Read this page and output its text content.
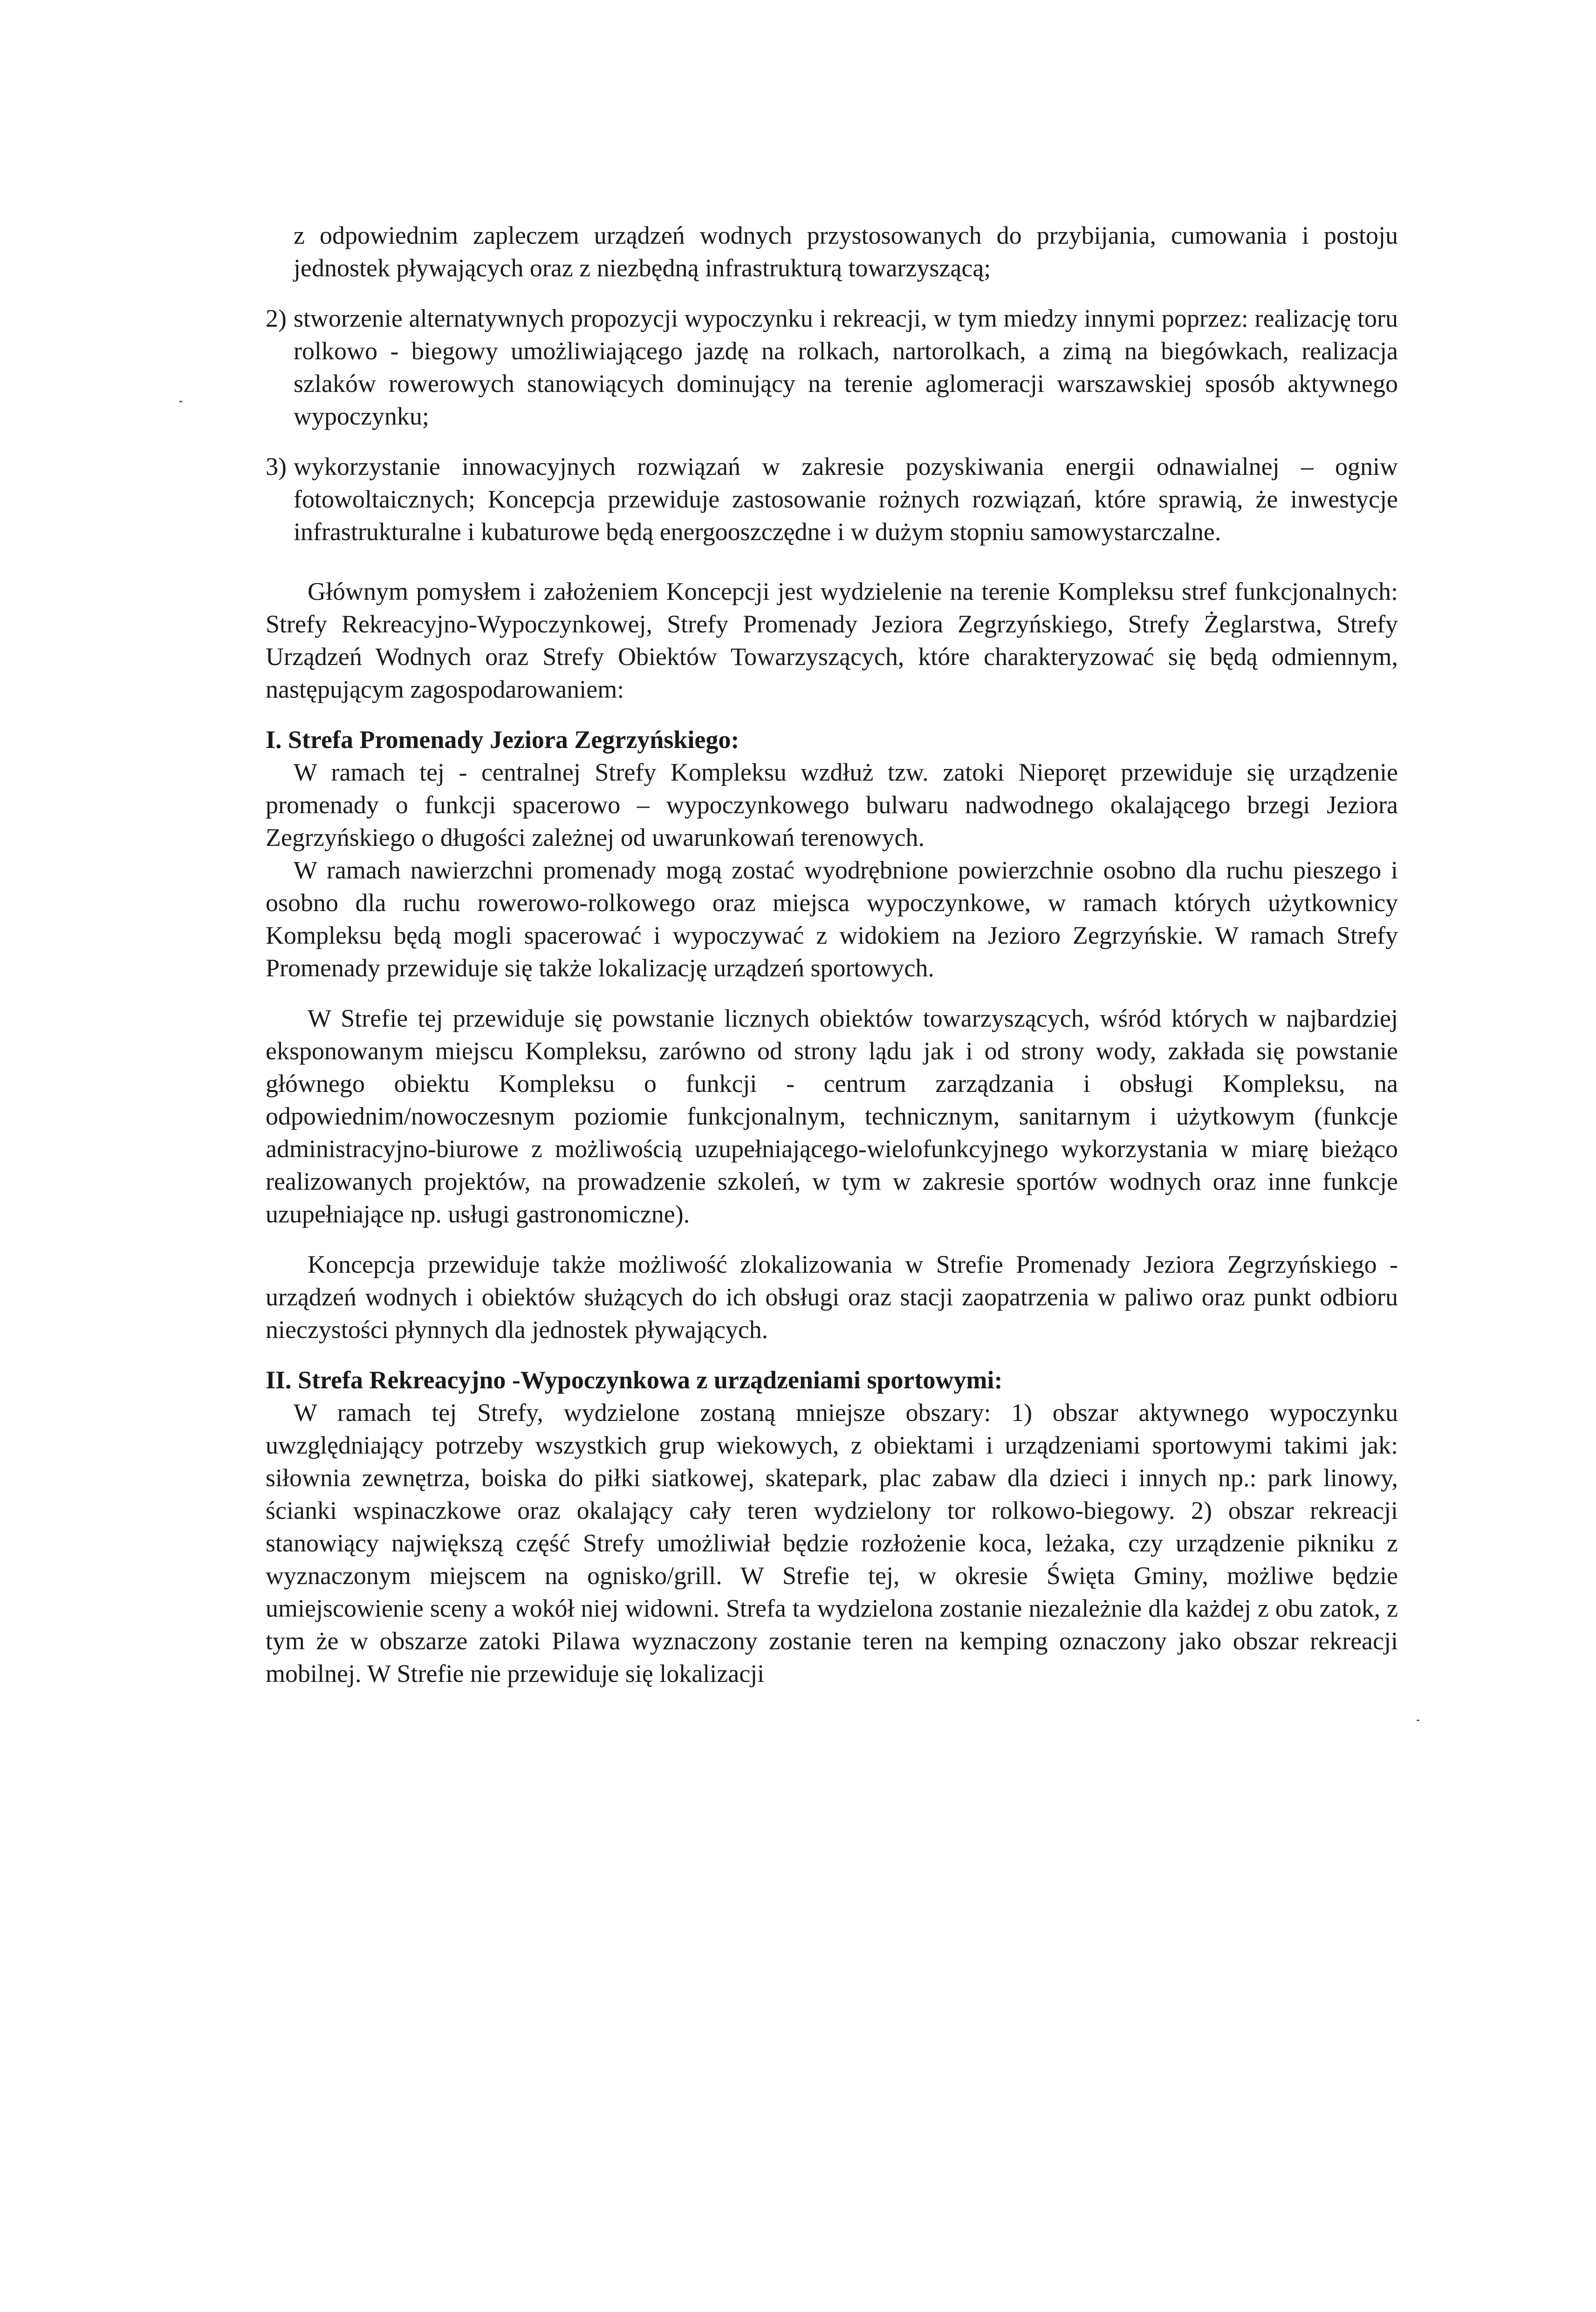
z odpowiednim zapleczem urządzeń wodnych przystosowanych do przybijania, cumowania i postoju jednostek pływających oraz z niezbędną infrastrukturą towarzyszącą;

2) stworzenie alternatywnych propozycji wypoczynku i rekreacji, w tym miedzy innymi poprzez: realizację toru rolkowo - biegowy umożliwiającego jazdę na rolkach, nartorolkach, a zimą na biegówkach, realizacja szlaków rowerowych stanowiących dominujący na terenie aglomeracji warszawskiej sposób aktywnego wypoczynku;
3) wykorzystanie innowacyjnych rozwiązań w zakresie pozyskiwania energii odnawialnej – ogniw fotowoltaicznych; Koncepcja przewiduje zastosowanie rożnych rozwiązań, które sprawią, że inwestycje infrastrukturalne i kubaturowe będą energooszczędne i w dużym stopniu samowystarczalne.

Głównym pomysłem i założeniem Koncepcji jest wydzielenie na terenie Kompleksu stref funkcjonalnych: Strefy Rekreacyjno-Wypoczynkowej, Strefy Promenady Jeziora Zegrzyńskiego, Strefy Żeglarstwa, Strefy Urządzeń Wodnych oraz Strefy Obiektów Towarzyszących, które charakteryzować się będą odmiennym, następującym zagospodarowaniem:

I. Strefa Promenady Jeziora Zegrzyńskiego:

W ramach tej - centralnej Strefy Kompleksu wzdłuż tzw. zatoki Nieporęt przewiduje się urządzenie promenady o funkcji spacerowo – wypoczynkowego bulwaru nadwodnego okalającego brzegi Jeziora Zegrzyńskiego o długości zależnej od uwarunkowań terenowych.

W ramach nawierzchni promenady mogą zostać wyodrębnione powierzchnie osobno dla ruchu pieszego i osobno dla ruchu rowerowo-rolkowego oraz miejsca wypoczynkowe, w ramach których użytkownicy Kompleksu będą mogli spacerować i wypoczywać z widokiem na Jezioro Zegrzyńskie. W ramach Strefy Promenady przewiduje się także lokalizację urządzeń sportowych.

W Strefie tej przewiduje się powstanie licznych obiektów towarzyszących, wśród których w najbardziej eksponowanym miejscu Kompleksu, zarówno od strony lądu jak i od strony wody, zakłada się powstanie głównego obiektu Kompleksu o funkcji - centrum zarządzania i obsługi Kompleksu, na odpowiednim/nowoczesnym poziomie funkcjonalnym, technicznym, sanitarnym i użytkowym (funkcje administracyjno-biurowe z możliwością uzupełniającego-wielofunkcyjnego wykorzystania w miarę bieżąco realizowanych projektów, na prowadzenie szkoleń, w tym w zakresie sportów wodnych oraz inne funkcje uzupełniające np. usługi gastronomiczne).

Koncepcja przewiduje także możliwość zlokalizowania w Strefie Promenady Jeziora Zegrzyńskiego - urządzeń wodnych i obiektów służących do ich obsługi oraz stacji zaopatrzenia w paliwo oraz punkt odbioru nieczystości płynnych dla jednostek pływających.

II. Strefa Rekreacyjno -Wypoczynkowa z urządzeniami sportowymi:

W ramach tej Strefy, wydzielone zostaną mniejsze obszary: 1) obszar aktywnego wypoczynku uwzględniający potrzeby wszystkich grup wiekowych, z obiektami i urządzeniami sportowymi takimi jak: siłownia zewnętrza, boiska do piłki siatkowej, skatepark, plac zabaw dla dzieci i innych np.: park linowy, ścianki wspinaczkowe oraz okalający cały teren wydzielony tor rolkowo-biegowy. 2) obszar rekreacji stanowiący największą część Strefy umożliwiał będzie rozłożenie koca, leżaka, czy urządzenie pikniku z wyznaczonym miejscem na ognisko/grill. W Strefie tej, w okresie Święta Gminy, możliwe będzie umiejscowienie sceny a wokół niej widowni. Strefa ta wydzielona zostanie niezależnie dla każdej z obu zatok, z tym że w obszarze zatoki Pilawa wyznaczony zostanie teren na kemping oznaczony jako obszar rekreacji mobilnej. W Strefie nie przewiduje się lokalizacji
